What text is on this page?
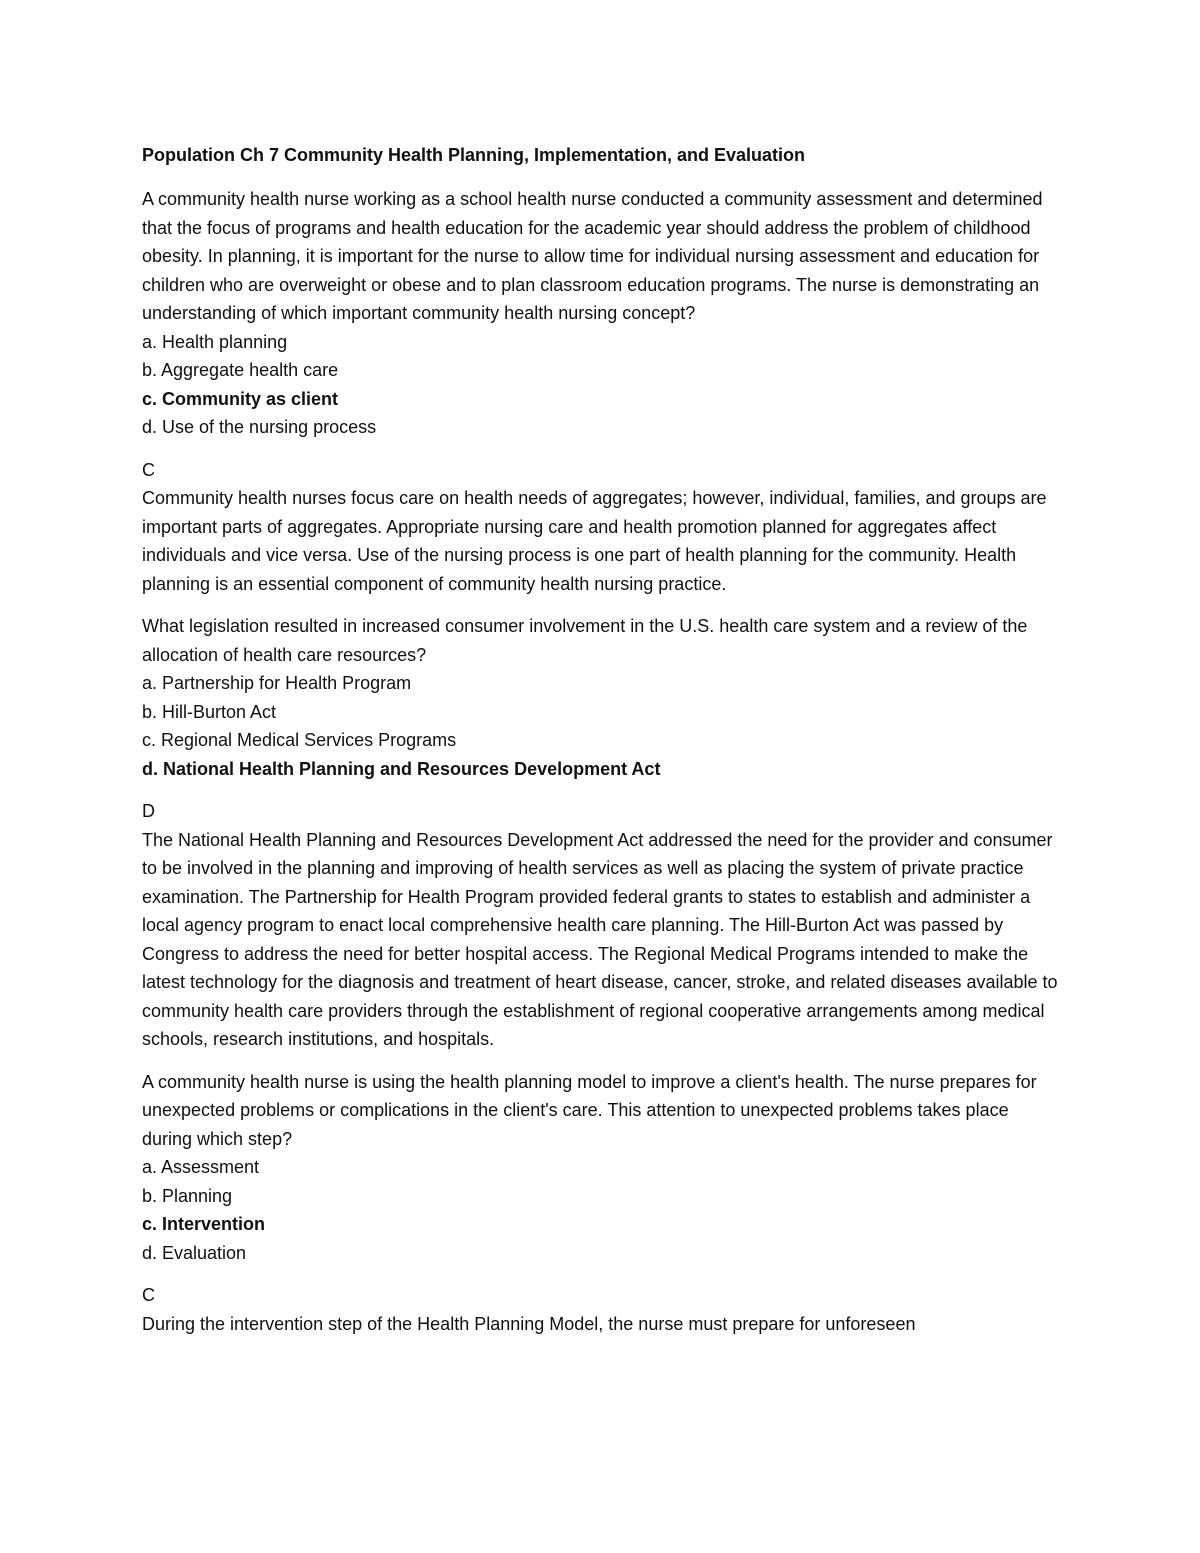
Population Ch 7 Community Health Planning, Implementation, and Evaluation

A community health nurse working as a school health nurse conducted a community assessment and determined that the focus of programs and health education for the academic year should address the problem of childhood obesity. In planning, it is important for the nurse to allow time for individual nursing assessment and education for children who are overweight or obese and to plan classroom education programs. The nurse is demonstrating an understanding of which important community health nursing concept?

a. Health planning

b. Aggregate health care

c. Community as client

d. Use of the nursing process

C

Community health nurses focus care on health needs of aggregates; however, individual, families, and groups are important parts of aggregates. Appropriate nursing care and health promotion planned for aggregates affect individuals and vice versa. Use of the nursing process is one part of health planning for the community. Health planning is an essential component of community health nursing practice.

What legislation resulted in increased consumer involvement in the U.S. health care system and a review of the allocation of health care resources?

a. Partnership for Health Program

b. Hill-Burton Act

c. Regional Medical Services Programs

d. National Health Planning and Resources Development Act

D

The National Health Planning and Resources Development Act addressed the need for the provider and consumer to be involved in the planning and improving of health services as well as placing the system of private practice examination. The Partnership for Health Program provided federal grants to states to establish and administer a local agency program to enact local comprehensive health care planning. The Hill-Burton Act was passed by Congress to address the need for better hospital access. The Regional Medical Programs intended to make the latest technology for the diagnosis and treatment of heart disease, cancer, stroke, and related diseases available to community health care providers through the establishment of regional cooperative arrangements among medical schools, research institutions, and hospitals.

A community health nurse is using the health planning model to improve a client's health. The nurse prepares for unexpected problems or complications in the client's care. This attention to unexpected problems takes place during which step?

a. Assessment

b. Planning

c. Intervention

d. Evaluation

C

During the intervention step of the Health Planning Model, the nurse must prepare for unforeseen
